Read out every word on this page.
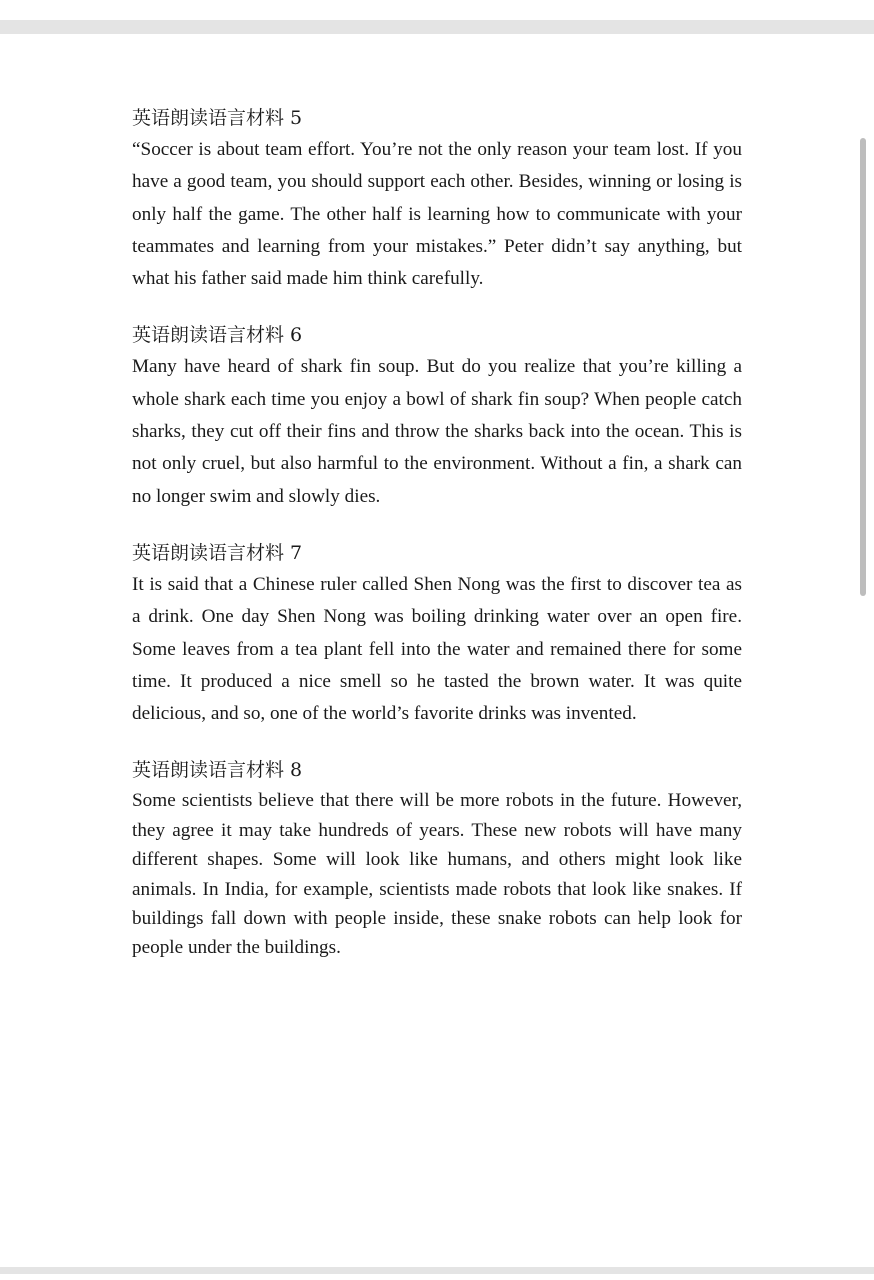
英语朗读语言材料 5

“Soccer is about team effort. You’re not the only reason your team lost. If you have a good team, you should support each other. Besides, winning or losing is only half the game. The other half is learning how to communicate with your teammates and learning from your mistakes.” Peter didn’t say anything, but what his father said made him think carefully.

英语朗读语言材料 6

Many have heard of shark fin soup. But do you realize that you’re killing a whole shark each time you enjoy a bowl of shark fin soup? When people catch sharks, they cut off their fins and throw the sharks back into the ocean. This is not only cruel, but also harmful to the environment. Without a fin, a shark can no longer swim and slowly dies.

英语朗读语言材料 7

It is said that a Chinese ruler called Shen Nong was the first to discover tea as a drink. One day Shen Nong was boiling drinking water over an open fire. Some leaves from a tea plant fell into the water and remained there for some time. It produced a nice smell so he tasted the brown water. It was quite delicious, and so, one of the world’s favorite drinks was invented.

英语朗读语言材料 8

Some scientists believe that there will be more robots in the future. However, they agree it may take hundreds of years. These new robots will have many different shapes. Some will look like humans, and others might look like animals. In India, for example, scientists made robots that look like snakes. If buildings fall down with people inside, these snake robots can help look for people under the buildings.
